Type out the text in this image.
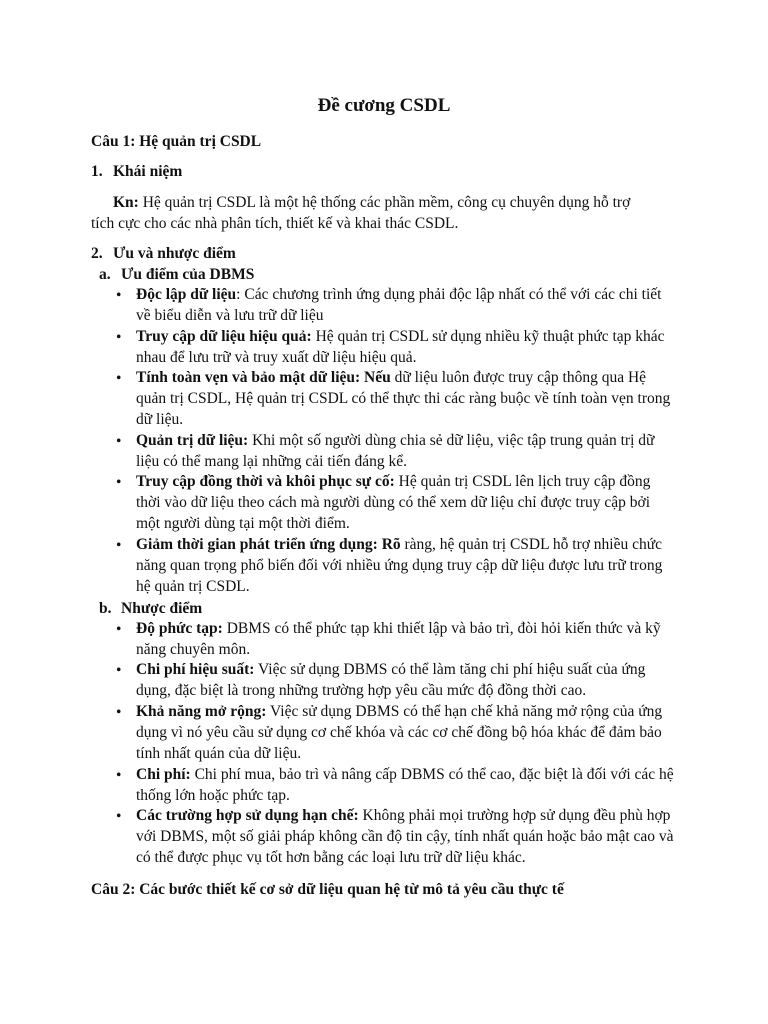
Đề cương CSDL

Câu 1: Hệ quản trị CSDL

1. Khái niệm

Kn: Hệ quản trị CSDL là một hệ thống các phần mềm, công cụ chuyên dụng hỗ trợ

tích cực cho các nhà phân tích, thiết kế và khai thác CSDL.

2. Ưu và nhược điểm

a. Ưu điểm của DBMS

• Độc lập dữ liệu: Các chương trình ứng dụng phải độc lập nhất có thể với các chi tiết về biểu diễn và lưu trữ dữ liệu
• Truy cập dữ liệu hiệu quả: Hệ quản trị CSDL sử dụng nhiều kỹ thuật phức tạp khác nhau để lưu trữ và truy xuất dữ liệu hiệu quả.
• Tính toàn vẹn và bảo mật dữ liệu: Nếu dữ liệu luôn được truy cập thông qua Hệ quản trị CSDL, Hệ quản trị CSDL có thể thực thi các ràng buộc về tính toàn vẹn trong dữ liệu.
• Quản trị dữ liệu: Khi một số người dùng chia sẻ dữ liệu, việc tập trung quản trị dữ liệu có thể mang lại những cải tiến đáng kể.
• Truy cập đồng thời và khôi phục sự cố: Hệ quản trị CSDL lên lịch truy cập đồng thời vào dữ liệu theo cách mà người dùng có thể xem dữ liệu chỉ được truy cập bởi một người dùng tại một thời điểm.
• Giảm thời gian phát triển ứng dụng: Rõ ràng, hệ quản trị CSDL hỗ trợ nhiều chức năng quan trọng phổ biến đối với nhiều ứng dụng truy cập dữ liệu được lưu trữ trong hệ quản trị CSDL.

b. Nhược điểm

• Độ phức tạp: DBMS có thể phức tạp khi thiết lập và bảo trì, đòi hỏi kiến thức và kỹ năng chuyên môn.
• Chi phí hiệu suất: Việc sử dụng DBMS có thể làm tăng chi phí hiệu suất của ứng dụng, đặc biệt là trong những trường hợp yêu cầu mức độ đồng thời cao.
• Khả năng mở rộng: Việc sử dụng DBMS có thể hạn chế khả năng mở rộng của ứng dụng vì nó yêu cầu sử dụng cơ chế khóa và các cơ chế đồng bộ hóa khác để đảm bảo tính nhất quán của dữ liệu.
• Chi phí: Chi phí mua, bảo trì và nâng cấp DBMS có thể cao, đặc biệt là đối với các hệ thống lớn hoặc phức tạp.
• Các trường hợp sử dụng hạn chế: Không phải mọi trường hợp sử dụng đều phù hợp với DBMS, một số giải pháp không cần độ tin cậy, tính nhất quán hoặc bảo mật cao và có thể được phục vụ tốt hơn bằng các loại lưu trữ dữ liệu khác.

Câu 2: Các bước thiết kế cơ sở dữ liệu quan hệ từ mô tả yêu cầu thực tế
